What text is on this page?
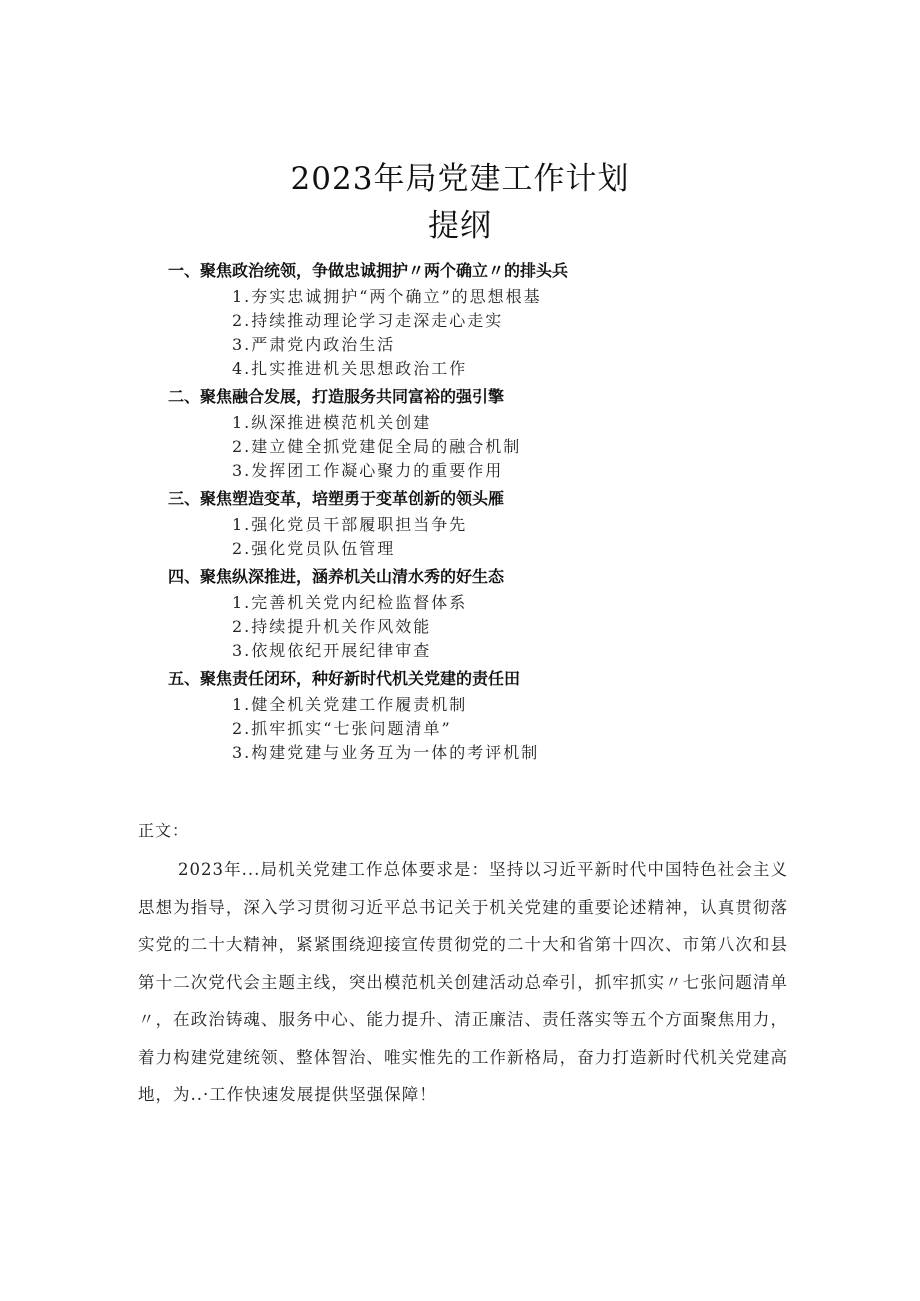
2023年局党建工作计划
提纲
一、聚焦政治统领，争做忠诚拥护〃两个确立〃的排头兵
1.夯实忠诚拥护“两个确立”的思想根基
2.持续推动理论学习走深走心走实
3.严肃党内政治生活
4.扎实推进机关思想政治工作
二、聚焦融合发展，打造服务共同富裕的强引擎
1.纵深推进模范机关创建
2.建立健全抓党建促全局的融合机制
3.发挥团工作凝心聚力的重要作用
三、聚焦塑造变革，培塑勇于变革创新的领头雁
1.强化党员干部履职担当争先
2.强化党员队伍管理
四、聚焦纵深推进，涵养机关山清水秀的好生态
1.完善机关党内纪检监督体系
2.持续提升机关作风效能
3.依规依纪开展纪律审查
五、聚焦责任闭环，种好新时代机关党建的责任田
1.健全机关党建工作履责机制
2.抓牢抓实“七张问题清单”
3.构建党建与业务互为一体的考评机制
正文：
2023年...局机关党建工作总体要求是：坚持以习近平新时代中国特色社会主义思想为指导，深入学习贯彻习近平总书记关于机关党建的重要论述精神，认真贯彻落实党的二十大精神，紧紧围绕迎接宣传贯彻党的二十大和省第十四次、市第八次和县第十二次党代会主题主线，突出模范机关创建活动总牵引，抓牢抓实〃七张问题清单〃，在政治铸魂、服务中心、能力提升、清正廉洁、责任落实等五个方面聚焦用力，着力构建党建统领、整体智治、唯实惟先的工作新格局，奋力打造新时代机关党建高地，为..·工作快速发展提供坚强保障！
